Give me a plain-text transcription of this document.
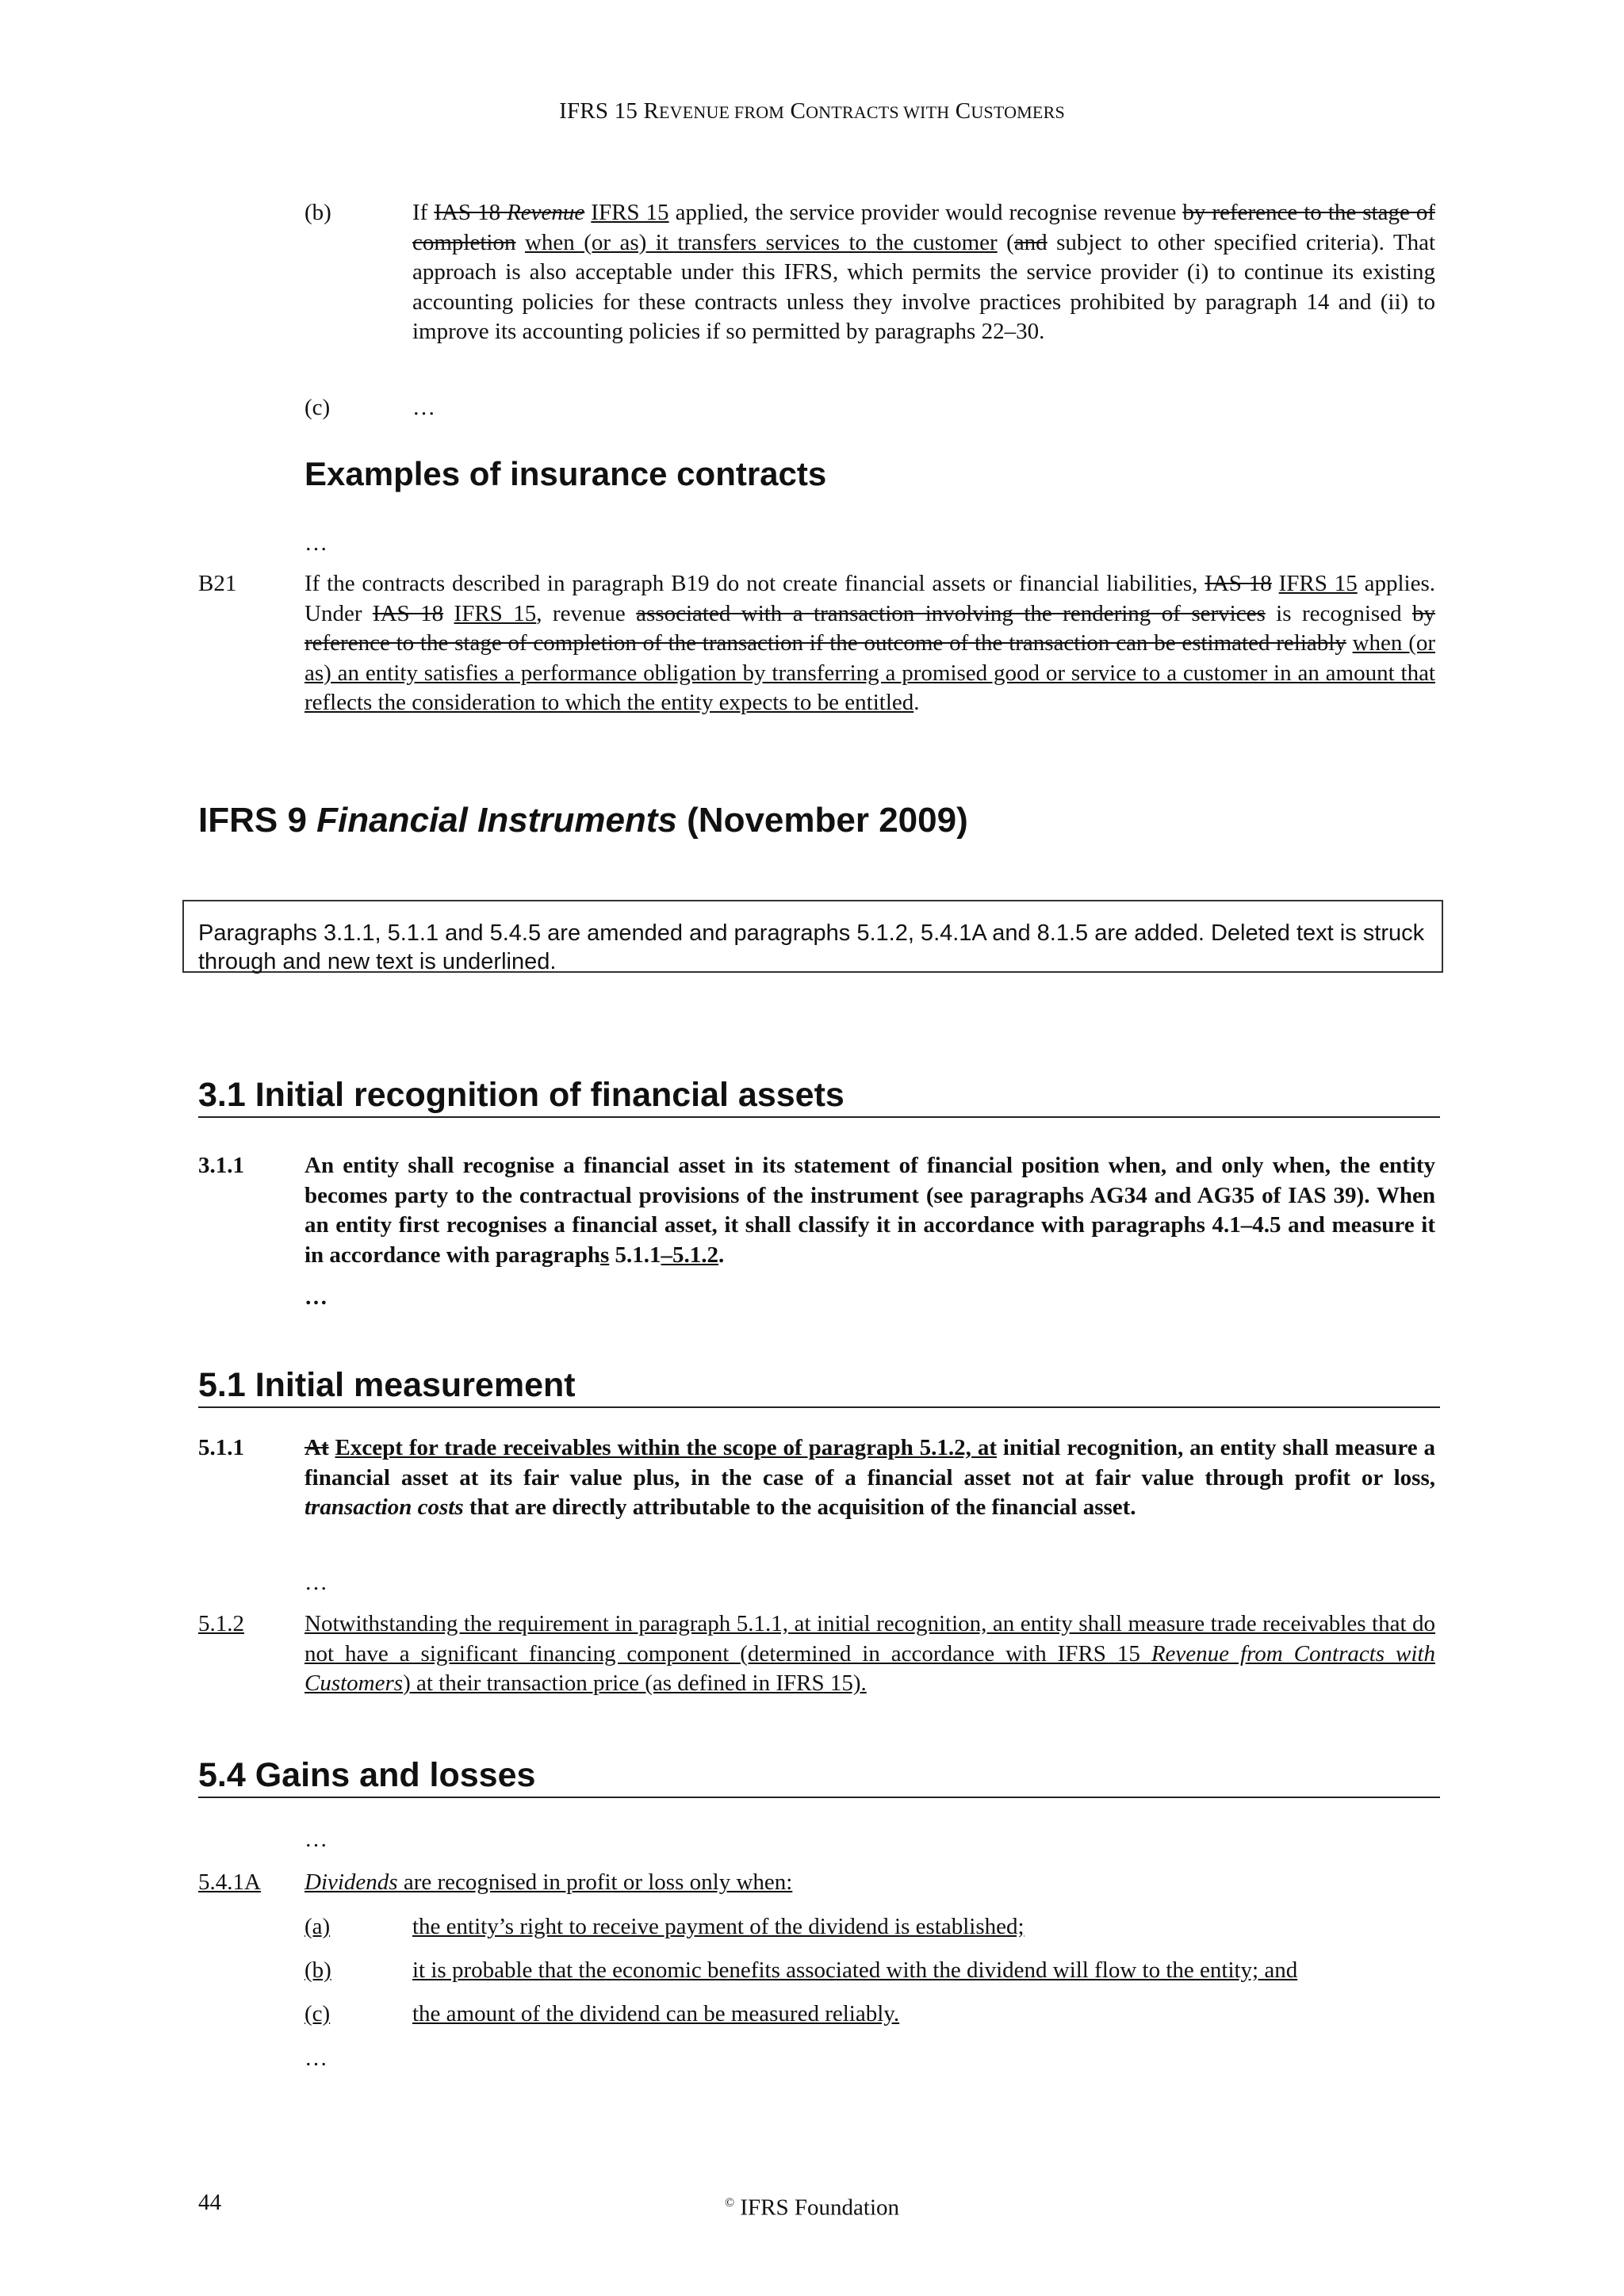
IFRS 15 REVENUE FROM CONTRACTS WITH CUSTOMERS
(b)	If IAS 18 Revenue IFRS 15 applied, the service provider would recognise revenue by reference to the stage of completion when (or as) it transfers services to the customer (and subject to other specified criteria). That approach is also acceptable under this IFRS, which permits the service provider (i) to continue its existing accounting policies for these contracts unless they involve practices prohibited by paragraph 14 and (ii) to improve its accounting policies if so permitted by paragraphs 22–30.
(c)	…
Examples of insurance contracts
…
B21	If the contracts described in paragraph B19 do not create financial assets or financial liabilities, IAS 18 IFRS 15 applies. Under IAS 18 IFRS 15, revenue associated with a transaction involving the rendering of services is recognised by reference to the stage of completion of the transaction if the outcome of the transaction can be estimated reliably when (or as) an entity satisfies a performance obligation by transferring a promised good or service to a customer in an amount that reflects the consideration to which the entity expects to be entitled.
IFRS 9 Financial Instruments (November 2009)
Paragraphs 3.1.1, 5.1.1 and 5.4.5 are amended and paragraphs 5.1.2, 5.4.1A and 8.1.5 are added. Deleted text is struck through and new text is underlined.
3.1 Initial recognition of financial assets
3.1.1	An entity shall recognise a financial asset in its statement of financial position when, and only when, the entity becomes party to the contractual provisions of the instrument (see paragraphs AG34 and AG35 of IAS 39). When an entity first recognises a financial asset, it shall classify it in accordance with paragraphs 4.1–4.5 and measure it in accordance with paragraphs 5.1.1–5.1.2.
…
5.1 Initial measurement
5.1.1	At Except for trade receivables within the scope of paragraph 5.1.2, at initial recognition, an entity shall measure a financial asset at its fair value plus, in the case of a financial asset not at fair value through profit or loss, transaction costs that are directly attributable to the acquisition of the financial asset.
…
5.1.2	Notwithstanding the requirement in paragraph 5.1.1, at initial recognition, an entity shall measure trade receivables that do not have a significant financing component (determined in accordance with IFRS 15 Revenue from Contracts with Customers) at their transaction price (as defined in IFRS 15).
5.4 Gains and losses
…
5.4.1A Dividends are recognised in profit or loss only when:
(a)	the entity’s right to receive payment of the dividend is established;
(b)	it is probable that the economic benefits associated with the dividend will flow to the entity; and
(c)	the amount of the dividend can be measured reliably.
…
44	© IFRS Foundation
